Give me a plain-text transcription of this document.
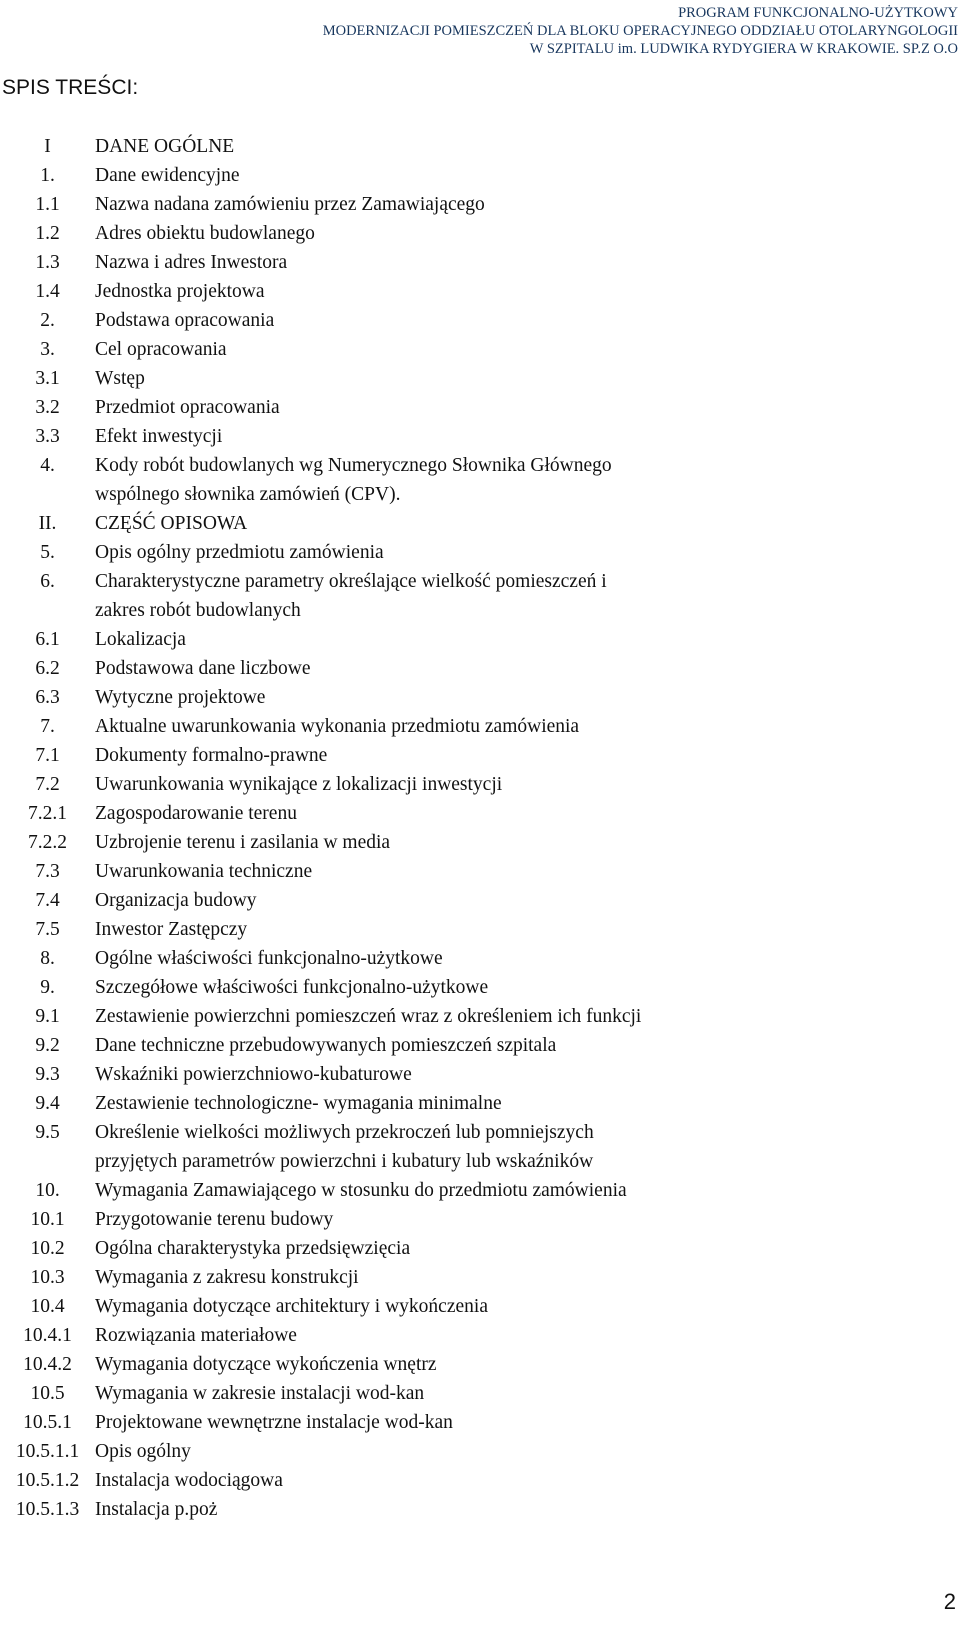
PROGRAM FUNKCJONALNO-UŻYTKOWY
MODERNIZACJI POMIESZCZEŃ DLA BLOKU OPERACYJNEGO ODDZIAŁU OTOLARYNGOLOGII
W SZPITALU im. LUDWIKA RYDYGIERA W KRAKOWIE. SP.Z O.O
SPIS TREŚCI:
I	DANE OGÓLNE
1.	Dane ewidencyjne
1.1	Nazwa nadana zamówieniu przez Zamawiającego
1.2	Adres obiektu budowlanego
1.3	Nazwa i adres Inwestora
1.4	Jednostka projektowa
2.	Podstawa opracowania
3.	Cel opracowania
3.1	Wstęp
3.2	Przedmiot opracowania
3.3	Efekt inwestycji
4.	Kody robót budowlanych wg Numerycznego Słownika Głównego
wspólnego słownika zamówień (CPV).
II.	CZĘŚĆ OPISOWA
5.	Opis ogólny przedmiotu zamówienia
6.	Charakterystyczne parametry określające wielkość pomieszczeń i
zakres robót budowlanych
6.1	Lokalizacja
6.2	Podstawowa dane liczbowe
6.3	Wytyczne projektowe
7.	Aktualne uwarunkowania wykonania przedmiotu zamówienia
7.1	Dokumenty formalno-prawne
7.2	Uwarunkowania wynikające z lokalizacji inwestycji
7.2.1	Zagospodarowanie terenu
7.2.2	Uzbrojenie terenu i zasilania w media
7.3	Uwarunkowania techniczne
7.4	Organizacja budowy
7.5	Inwestor Zastępczy
8.	Ogólne właściwości funkcjonalno-użytkowe
9.	Szczegółowe właściwości funkcjonalno-użytkowe
9.1	Zestawienie powierzchni pomieszczeń wraz z określeniem ich funkcji
9.2	Dane techniczne przebudowywanych pomieszczeń szpitala
9.3	Wskaźniki powierzchniowo-kubaturowe
9.4	Zestawienie technologiczne- wymagania minimalne
9.5	Określenie wielkości możliwych przekroczeń lub pomniejszych
przyjętych parametrów powierzchni i kubatury lub wskaźników
10.	Wymagania Zamawiającego w stosunku do przedmiotu zamówienia
10.1	Przygotowanie terenu budowy
10.2	Ogólna charakterystyka przedsięwzięcia
10.3	Wymagania z zakresu konstrukcji
10.4	Wymagania dotyczące architektury i wykończenia
10.4.1	Rozwiązania materiałowe
10.4.2	Wymagania dotyczące wykończenia wnętrz
10.5	Wymagania w zakresie instalacji wod-kan
10.5.1	Projektowane wewnętrzne instalacje wod-kan
10.5.1.1 Opis ogólny
10.5.1.2 Instalacja wodociągowa
10.5.1.3 Instalacja p.poż
2
